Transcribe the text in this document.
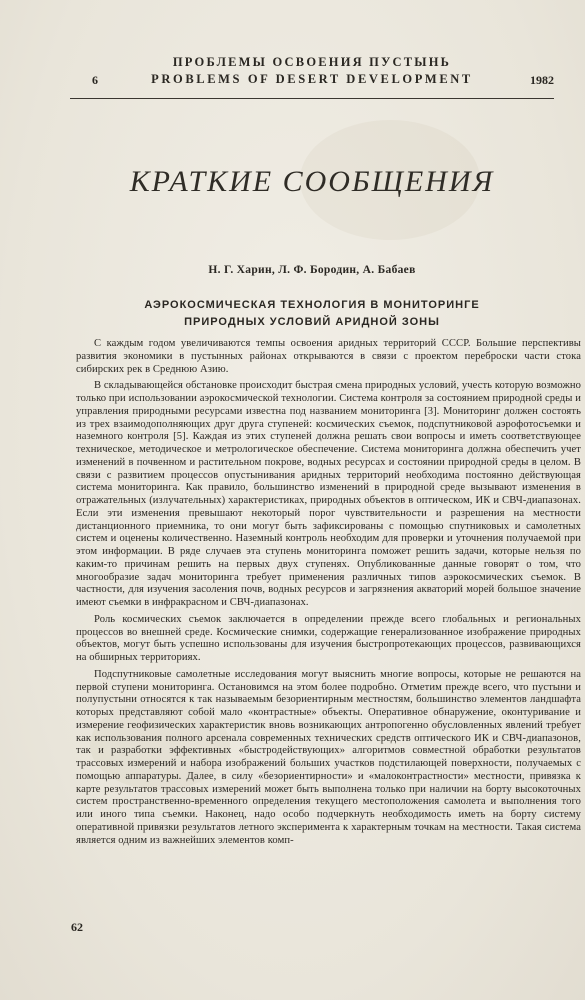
ПРОБЛЕМЫ ОСВОЕНИЯ ПУСТЫНЬ
PROBLEMS OF DESERT DEVELOPMENT
6	1982
КРАТКИЕ СООБЩЕНИЯ
Н. Г. Харин, Л. Ф. Бородин, А. Бабаев
АЭРОКОСМИЧЕСКАЯ ТЕХНОЛОГИЯ В МОНИТОРИНГЕ
ПРИРОДНЫХ УСЛОВИЙ АРИДНОЙ ЗОНЫ

С каждым годом увеличиваются темпы освоения аридных территорий СССР. Большие перспективы развития экономики в пустынных районах открываются в связи с проектом переброски части стока сибирских рек в Среднюю Азию.

В складывающейся обстановке происходит быстрая смена природных условий, учесть которую возможно только при использовании аэрокосмической технологии. Система контроля за состоянием природной среды и управления природными ресурсами известна под названием мониторинга [3]. Мониторинг должен состоять из трех взаимодополняющих друг друга ступеней: космических съемок, подспутниковой аэрофотосъемки и наземного контроля [5]. Каждая из этих ступеней должна решать свои вопросы и иметь соответствующее техническое, методическое и метрологическое обеспечение. Система мониторинга должна обеспечить учет изменений в почвенном и растительном покрове, водных ресурсах и состоянии природной среды в целом. В связи с развитием процессов опустынивания аридных территорий необходима постоянно действующая система мониторинга. Как правило, большинство изменений в природной среде вызывают изменения в отражательных (излучательных) характеристиках, природных объектов в оптическом, ИК и СВЧ-диапазонах. Если эти изменения превышают некоторый порог чувствительности и разрешения на местности дистанционного приемника, то они могут быть зафиксированы с помощью спутниковых и самолетных систем и оценены количественно. Наземный контроль необходим для проверки и уточнения получаемой при этом информации. В ряде случаев эта ступень мониторинга поможет решить задачи, которые нельзя по каким-то причинам решить на первых двух ступенях. Опубликованные данные говорят о том, что многообразие задач мониторинга требует применения различных типов аэрокосмических съемок. В частности, для изучения засоления почв, водных ресурсов и загрязнения акваторий морей большое значение имеют съемки в инфракрасном и СВЧ-диапазонах.

Роль космических съемок заключается в определении прежде всего глобальных и региональных процессов во внешней среде. Космические снимки, содержащие генерализованное изображение природных объектов, могут быть успешно использованы для изучения быстропротекающих процессов, развивающихся на обширных территориях.

Подспутниковые самолетные исследования могут выяснить многие вопросы, которые не решаются на первой ступени мониторинга. Остановимся на этом более подробно. Отметим прежде всего, что пустыни и полупустыни относятся к так называемым безориентирным местностям, большинство элементов ландшафта которых представляют собой мало «контрастные» объекты. Оперативное обнаружение, оконтуривание и измерение геофизических характеристик вновь возникающих антропогенно обусловленных явлений требует как использования полного арсенала современных технических средств оптического ИК и СВЧ-диапазонов, так и разработки эффективных «быстродействующих» алгоритмов совместной обработки результатов трассовых измерений и набора изображений больших участков подстилающей поверхности, получаемых с помощью аппаратуры. Далее, в силу «безориентирности» и «малоконтрастности» местности, привязка к карте результатов трассовых измерений может быть выполнена только при наличии на борту высокоточных систем пространственно-временного определения текущего местоположения самолета и выполнения того или иного типа съемки. Наконец, надо особо подчеркнуть необходимость иметь на борту систему оперативной привязки результатов летного эксперимента к характерным точкам на местности. Такая система является одним из важнейших элементов комп-

62
